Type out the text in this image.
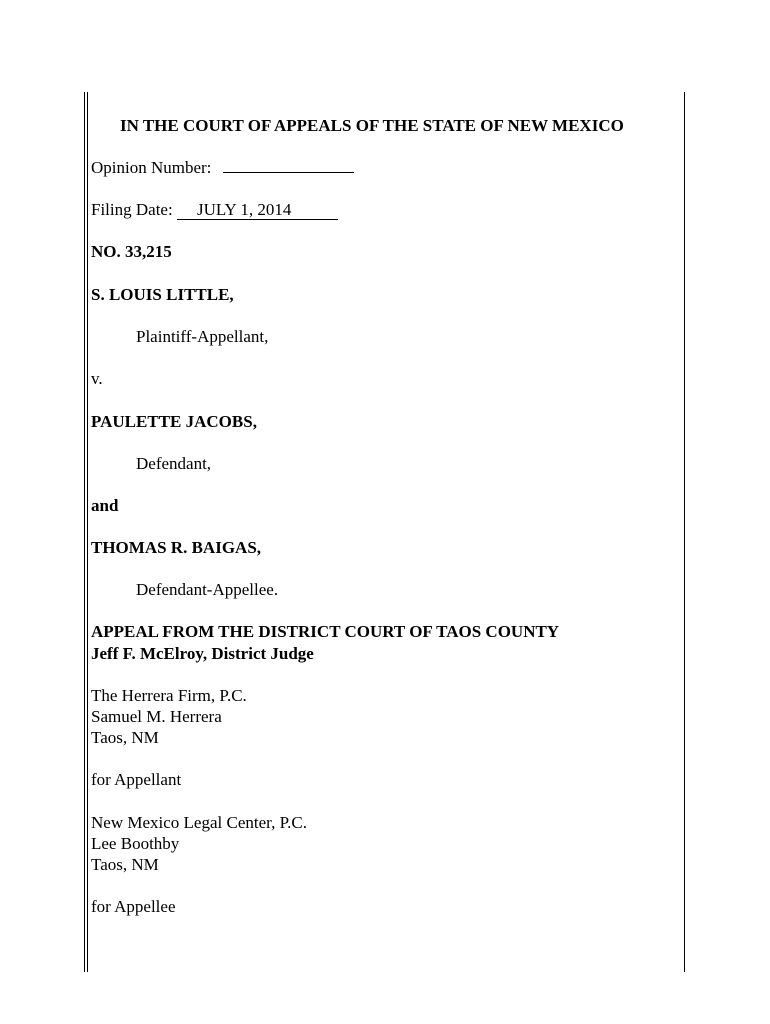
IN THE COURT OF APPEALS OF THE STATE OF NEW MEXICO
Opinion Number:
Filing Date: JULY 1, 2014
NO. 33,215
S. LOUIS LITTLE,
Plaintiff-Appellant,
v.
PAULETTE JACOBS,
Defendant,
and
THOMAS R. BAIGAS,
Defendant-Appellee.
APPEAL FROM THE DISTRICT COURT OF TAOS COUNTY
Jeff F. McElroy, District Judge
The Herrera Firm, P.C.
Samuel M. Herrera
Taos, NM
for Appellant
New Mexico Legal Center, P.C.
Lee Boothby
Taos, NM
for Appellee
